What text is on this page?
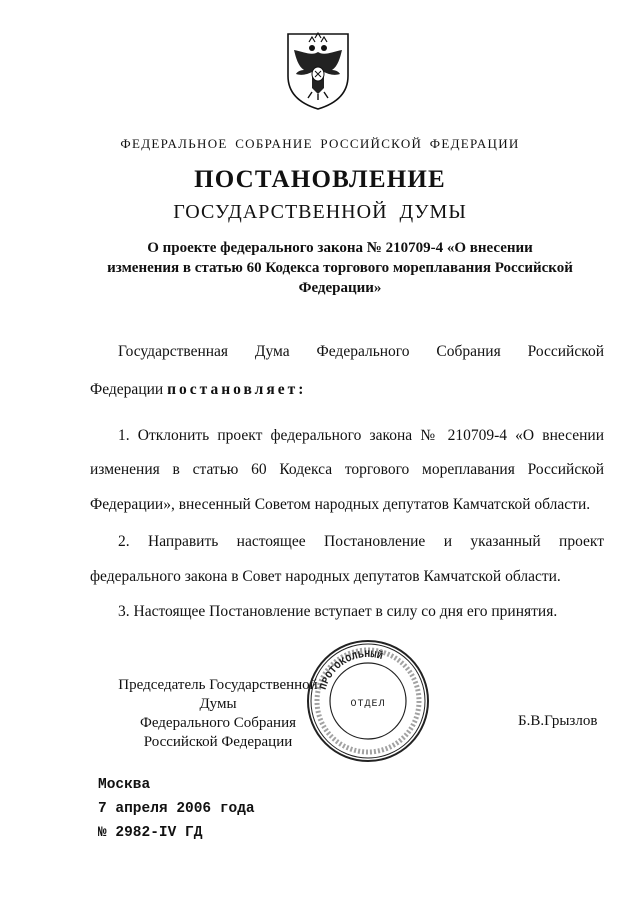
ФЕДЕРАЛЬНОЕ СОБРАНИЕ РОССИЙСКОЙ ФЕДЕРАЦИИ
ПОСТАНОВЛЕНИЕ
ГОСУДАРСТВЕННОЙ ДУМЫ
О проекте федерального закона № 210709-4 «О внесении
изменения в статью 60 Кодекса торгового мореплавания Российской
Федерации»
Государственная Дума Федерального Собрания Российской
Федерации постановляет:
1. Отклонить проект федерального закона № 210709-4 «О внесении
изменения в статью 60 Кодекса торгового мореплавания Российской
Федерации», внесенный Советом народных депутатов Камчатской области.
2. Направить настоящее Постановление и указанный проект
федерального закона в Совет народных депутатов Камчатской области.
3. Настоящее Постановление вступает в силу со дня его принятия.
Председатель Государственной Думы
Федерального Собрания
Российской Федерации
Б.В.Грызлов
ПРОТОКОЛЬНЫЙ
ОТДЕЛ
Москва
7 апреля 2006 года
№ 2982-IV ГД
